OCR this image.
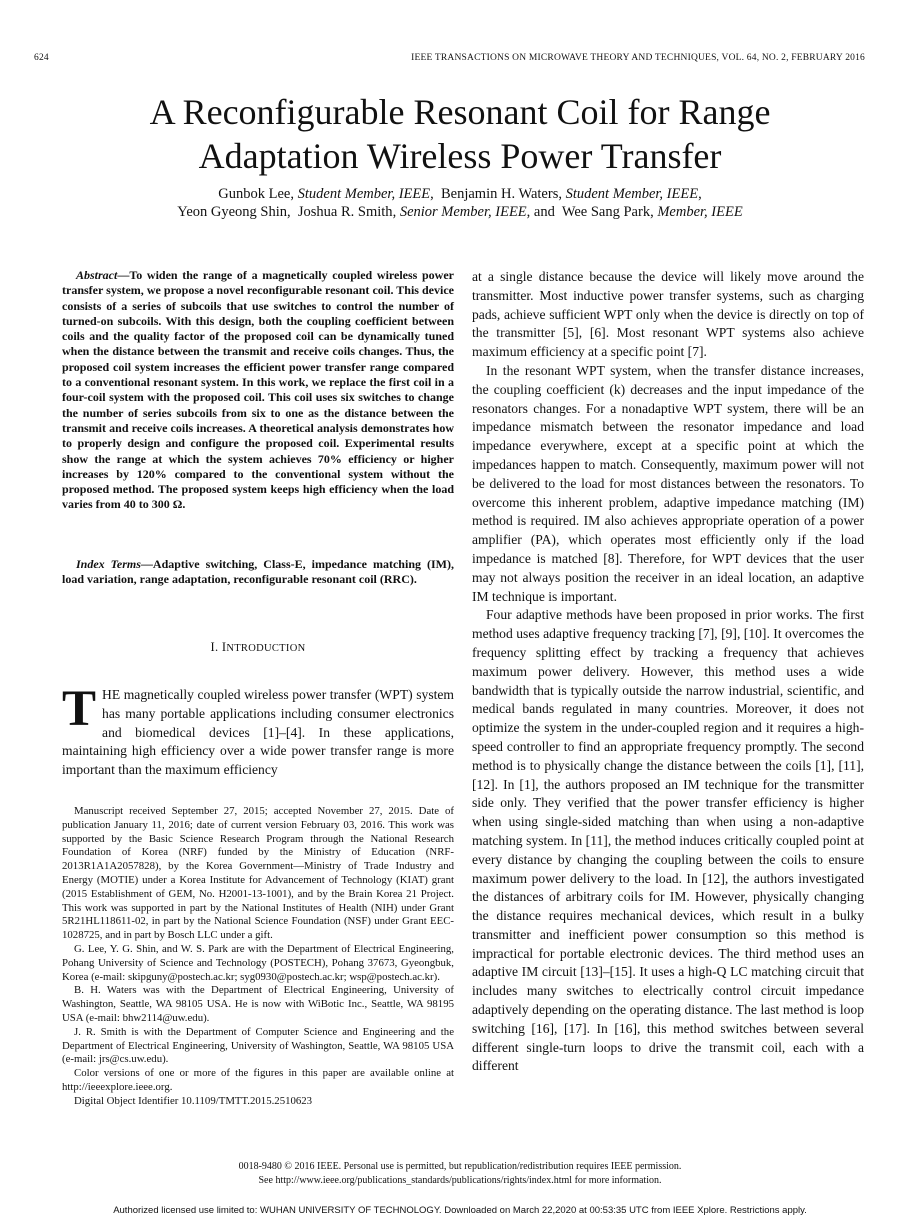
624	IEEE TRANSACTIONS ON MICROWAVE THEORY AND TECHNIQUES, VOL. 64, NO. 2, FEBRUARY 2016
A Reconfigurable Resonant Coil for Range
Adaptation Wireless Power Transfer
Gunbok Lee, Student Member, IEEE,  Benjamin H. Waters, Student Member, IEEE,
Yeon Gyeong Shin,  Joshua R. Smith, Senior Member, IEEE, and Wee Sang Park, Member, IEEE

Abstract—To widen the range of a magnetically coupled wireless power transfer system, we propose a novel reconfigurable resonant coil. This device consists of a series of subcoils that use switches to control the number of turned-on subcoils. With this design, both the coupling coefficient between coils and the quality factor of the proposed coil can be dynamically tuned when the distance between the transmit and receive coils changes. Thus, the proposed coil system increases the efficient power transfer range compared to a conventional resonant system. In this work, we replace the first coil in a four-coil system with the proposed coil. This coil uses six switches to change the number of series subcoils from six to one as the distance between the transmit and receive coils increases. A theoretical analysis demonstrates how to properly design and configure the proposed coil. Experimental results show the range at which the system achieves 70% efficiency or higher increases by 120% compared to the conventional system without the proposed method. The proposed system keeps high efficiency when the load varies from 40 to 300 Ω.

Index Terms—Adaptive switching, Class-E, impedance matching (IM), load variation, range adaptation, reconfigurable resonant coil (RRC).

I. INTRODUCTION

THE magnetically coupled wireless power transfer (WPT) system has many portable applications including consumer electronics and biomedical devices [1]–[4]. In these applications, maintaining high efficiency over a wide power transfer range is more important than the maximum efficiency

Manuscript received September 27, 2015; accepted November 27, 2015. Date of publication January 11, 2016; date of current version February 03, 2016. This work was supported by the Basic Science Research Program through the National Research Foundation of Korea (NRF) funded by the Ministry of Education (NRF-2013R1A1A2057828), by the Korea Government—Ministry of Trade Industry and Energy (MOTIE) under a Korea Institute for Advancement of Technology (KIAT) grant (2015 Establishment of GEM, No. H2001-13-1001), and by the Brain Korea 21 Project. This work was supported in part by the National Institutes of Health (NIH) under Grant 5R21HL118611-02, in part by the National Science Foundation (NSF) under Grant EEC-1028725, and in part by Bosch LLC under a gift.

G. Lee, Y. G. Shin, and W. S. Park are with the Department of Electrical Engineering, Pohang University of Science and Technology (POSTECH), Pohang 37673, Gyeongbuk, Korea (e-mail: skipguny@postech.ac.kr; syg0930@postech.ac.kr; wsp@postech.ac.kr).

B. H. Waters was with the Department of Electrical Engineering, University of Washington, Seattle, WA 98105 USA. He is now with WiBotic Inc., Seattle, WA 98195 USA (e-mail: bhw2114@uw.edu).

J. R. Smith is with the Department of Computer Science and Engineering and the Department of Electrical Engineering, University of Washington, Seattle, WA 98105 USA (e-mail: jrs@cs.uw.edu).

Color versions of one or more of the figures in this paper are available online at http://ieeexplore.ieee.org.

Digital Object Identifier 10.1109/TMTT.2015.2510623

at a single distance because the device will likely move around the transmitter. Most inductive power transfer systems, such as charging pads, achieve sufficient WPT only when the device is directly on top of the transmitter [5], [6]. Most resonant WPT systems also achieve maximum efficiency at a specific point [7].

In the resonant WPT system, when the transfer distance increases, the coupling coefficient (k) decreases and the input impedance of the resonators changes. For a nonadaptive WPT system, there will be an impedance mismatch between the resonator impedance and load impedance everywhere, except at a specific point at which the impedances happen to match. Consequently, maximum power will not be delivered to the load for most distances between the resonators. To overcome this inherent problem, adaptive impedance matching (IM) method is required. IM also achieves appropriate operation of a power amplifier (PA), which operates most efficiently only if the load impedance is matched [8]. Therefore, for WPT devices that the user may not always position the receiver in an ideal location, an adaptive IM technique is important.

Four adaptive methods have been proposed in prior works. The first method uses adaptive frequency tracking [7], [9], [10]. It overcomes the frequency splitting effect by tracking a frequency that achieves maximum power delivery. However, this method uses a wide bandwidth that is typically outside the narrow industrial, scientific, and medical bands regulated in many countries. Moreover, it does not optimize the system in the under-coupled region and it requires a high-speed controller to find an appropriate frequency promptly. The second method is to physically change the distance between the coils [1], [11], [12]. In [1], the authors proposed an IM technique for the transmitter side only. They verified that the power transfer efficiency is higher when using single-sided matching than when using a non-adaptive matching system. In [11], the method induces critically coupled point at every distance by changing the coupling between the coils to ensure maximum power delivery to the load. In [12], the authors investigated the distances of arbitrary coils for IM. However, physically changing the distance requires mechanical devices, which result in a bulky transmitter and inefficient power consumption so this method is impractical for portable electronic devices. The third method uses an adaptive IM circuit [13]–[15]. It uses a high-Q LC matching circuit that includes many switches to electrically control circuit impedance adaptively depending on the operating distance. The last method is loop switching [16], [17]. In [16], this method switches between several different single-turn loops to drive the transmit coil, each with a different

0018-9480 © 2016 IEEE. Personal use is permitted, but republication/redistribution requires IEEE permission.
See http://www.ieee.org/publications_standards/publications/rights/index.html for more information.
Authorized licensed use limited to: WUHAN UNIVERSITY OF TECHNOLOGY. Downloaded on March 22,2020 at 00:53:35 UTC from IEEE Xplore. Restrictions apply.
